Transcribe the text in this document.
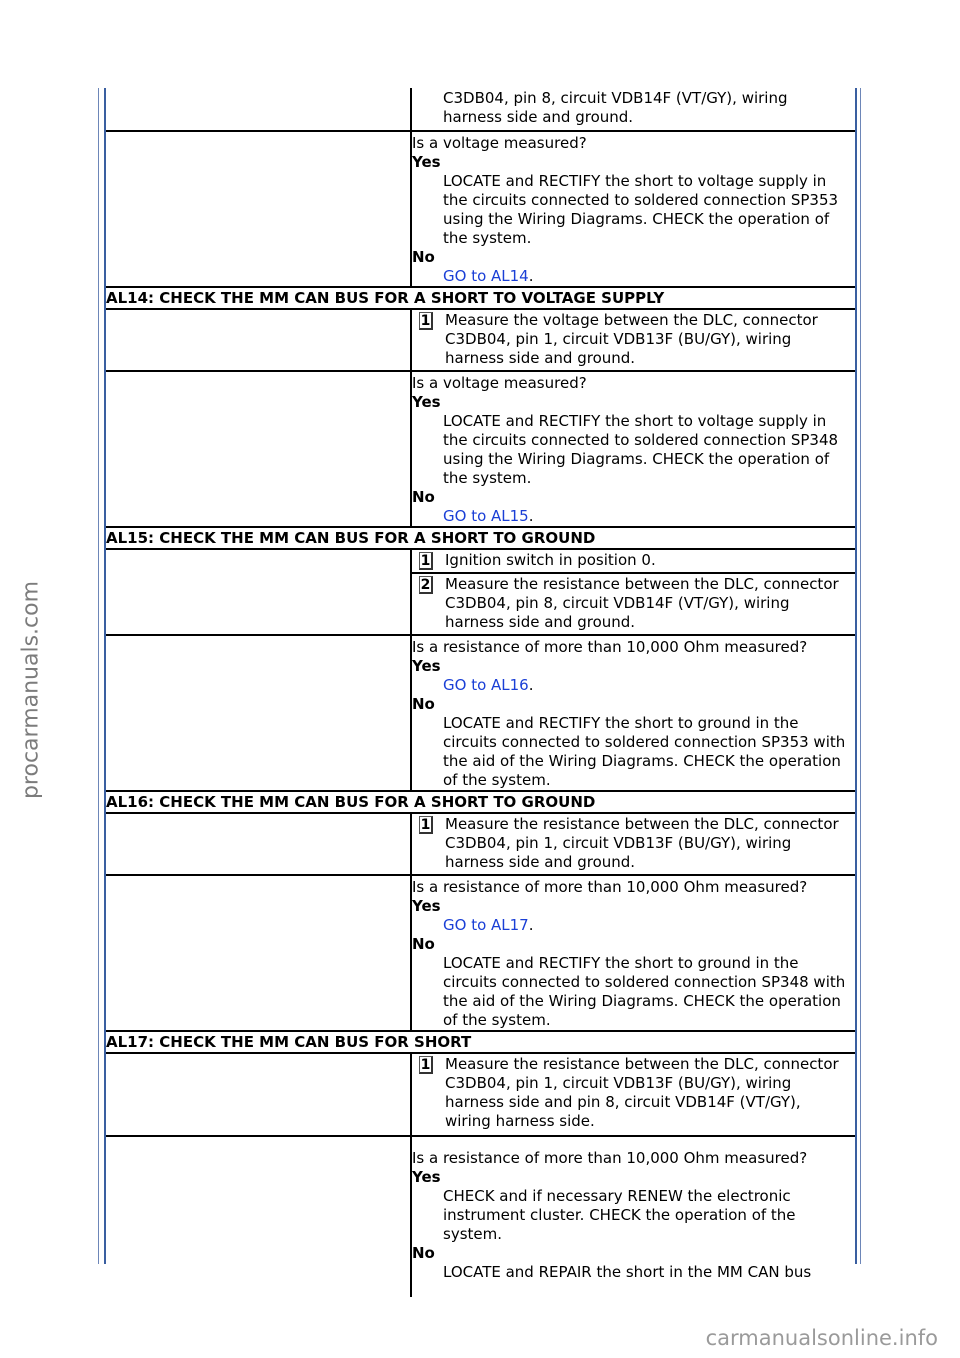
procarmanuals.com
carmanualsonline.info
C3DB04, pin 8, circuit VDB14F (VT/GY), wiring harness side and ground.
Is a voltage measured?
Yes
LOCATE and RECTIFY the short to voltage supply in the circuits connected to soldered connection SP353 using the Wiring Diagrams. CHECK the operation of the system.
No
GO to AL14.
AL14: CHECK THE MM CAN BUS FOR A SHORT TO VOLTAGE SUPPLY
1 Measure the voltage between the DLC, connector C3DB04, pin 1, circuit VDB13F (BU/GY), wiring harness side and ground.
Is a voltage measured?
Yes
LOCATE and RECTIFY the short to voltage supply in the circuits connected to soldered connection SP348 using the Wiring Diagrams. CHECK the operation of the system.
No
GO to AL15.
AL15: CHECK THE MM CAN BUS FOR A SHORT TO GROUND
1 Ignition switch in position 0.
2 Measure the resistance between the DLC, connector C3DB04, pin 8, circuit VDB14F (VT/GY), wiring harness side and ground.
Is a resistance of more than 10,000 Ohm measured?
Yes
GO to AL16.
No
LOCATE and RECTIFY the short to ground in the circuits connected to soldered connection SP353 with the aid of the Wiring Diagrams. CHECK the operation of the system.
AL16: CHECK THE MM CAN BUS FOR A SHORT TO GROUND
1 Measure the resistance between the DLC, connector C3DB04, pin 1, circuit VDB13F (BU/GY), wiring harness side and ground.
Is a resistance of more than 10,000 Ohm measured?
Yes
GO to AL17.
No
LOCATE and RECTIFY the short to ground in the circuits connected to soldered connection SP348 with the aid of the Wiring Diagrams. CHECK the operation of the system.
AL17: CHECK THE MM CAN BUS FOR SHORT
1 Measure the resistance between the DLC, connector C3DB04, pin 1, circuit VDB13F (BU/GY), wiring harness side and pin 8, circuit VDB14F (VT/GY), wiring harness side.
Is a resistance of more than 10,000 Ohm measured?
Yes
CHECK and if necessary RENEW the electronic instrument cluster. CHECK the operation of the system.
No
LOCATE and REPAIR the short in the MM CAN bus
